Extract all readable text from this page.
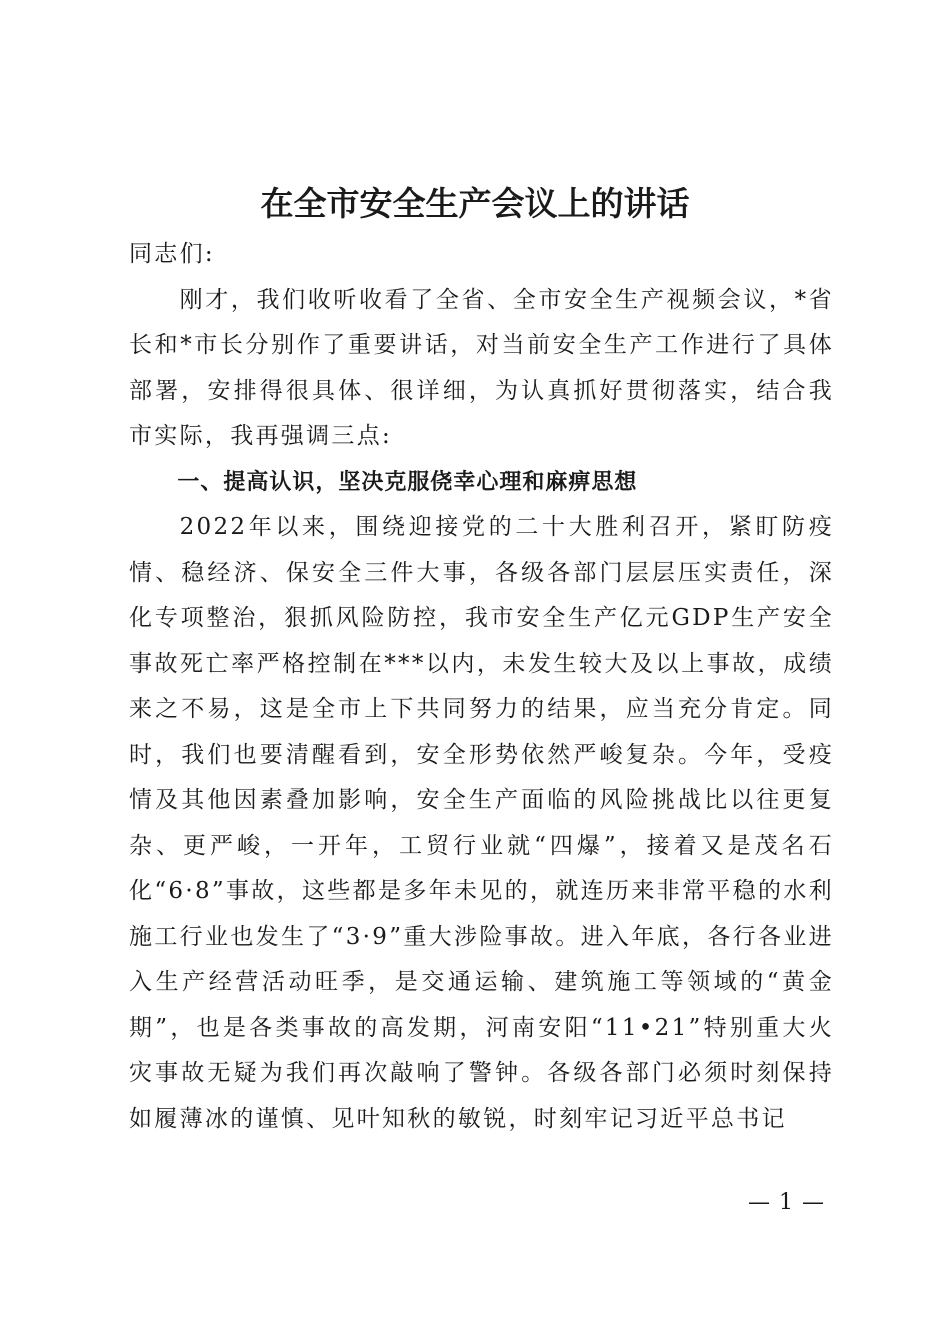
在全市安全生产会议上的讲话

同志们:

刚才，我们收听收看了全省、全市安全生产视频会议，*省长和*市长分别作了重要讲话，对当前安全生产工作进行了具体部署，安排得很具体、很详细，为认真抓好贯彻落实，结合我市实际，我再强调三点:

一、提高认识，坚决克服侥幸心理和麻痹思想

2022年以来，围绕迎接党的二十大胜利召开，紧盯防疫情、稳经济、保安全三件大事，各级各部门层层压实责任，深化专项整治，狠抓风险防控，我市安全生产亿元GDP生产安全事故死亡率严格控制在***以内，未发生较大及以上事故，成绩来之不易，这是全市上下共同努力的结果，应当充分肯定。同时，我们也要清醒看到，安全形势依然严峻复杂。今年，受疫情及其他因素叠加影响，安全生产面临的风险挑战比以往更复杂、更严峻，一开年，工贸行业就“四爆”，接着又是茂名石化“6·8”事故，这些都是多年未见的，就连历来非常平稳的水利施工行业也发生了“3·9”重大涉险事故。进入年底，各行各业进入生产经营活动旺季，是交通运输、建筑施工等领域的“黄金期”，也是各类事故的高发期，河南安阳“11•21”特别重大火灾事故无疑为我们再次敲响了警钟。各级各部门必须时刻保持如履薄冰的谨慎、见叶知秋的敏锐，时刻牢记习近平总书记

— 1 —
